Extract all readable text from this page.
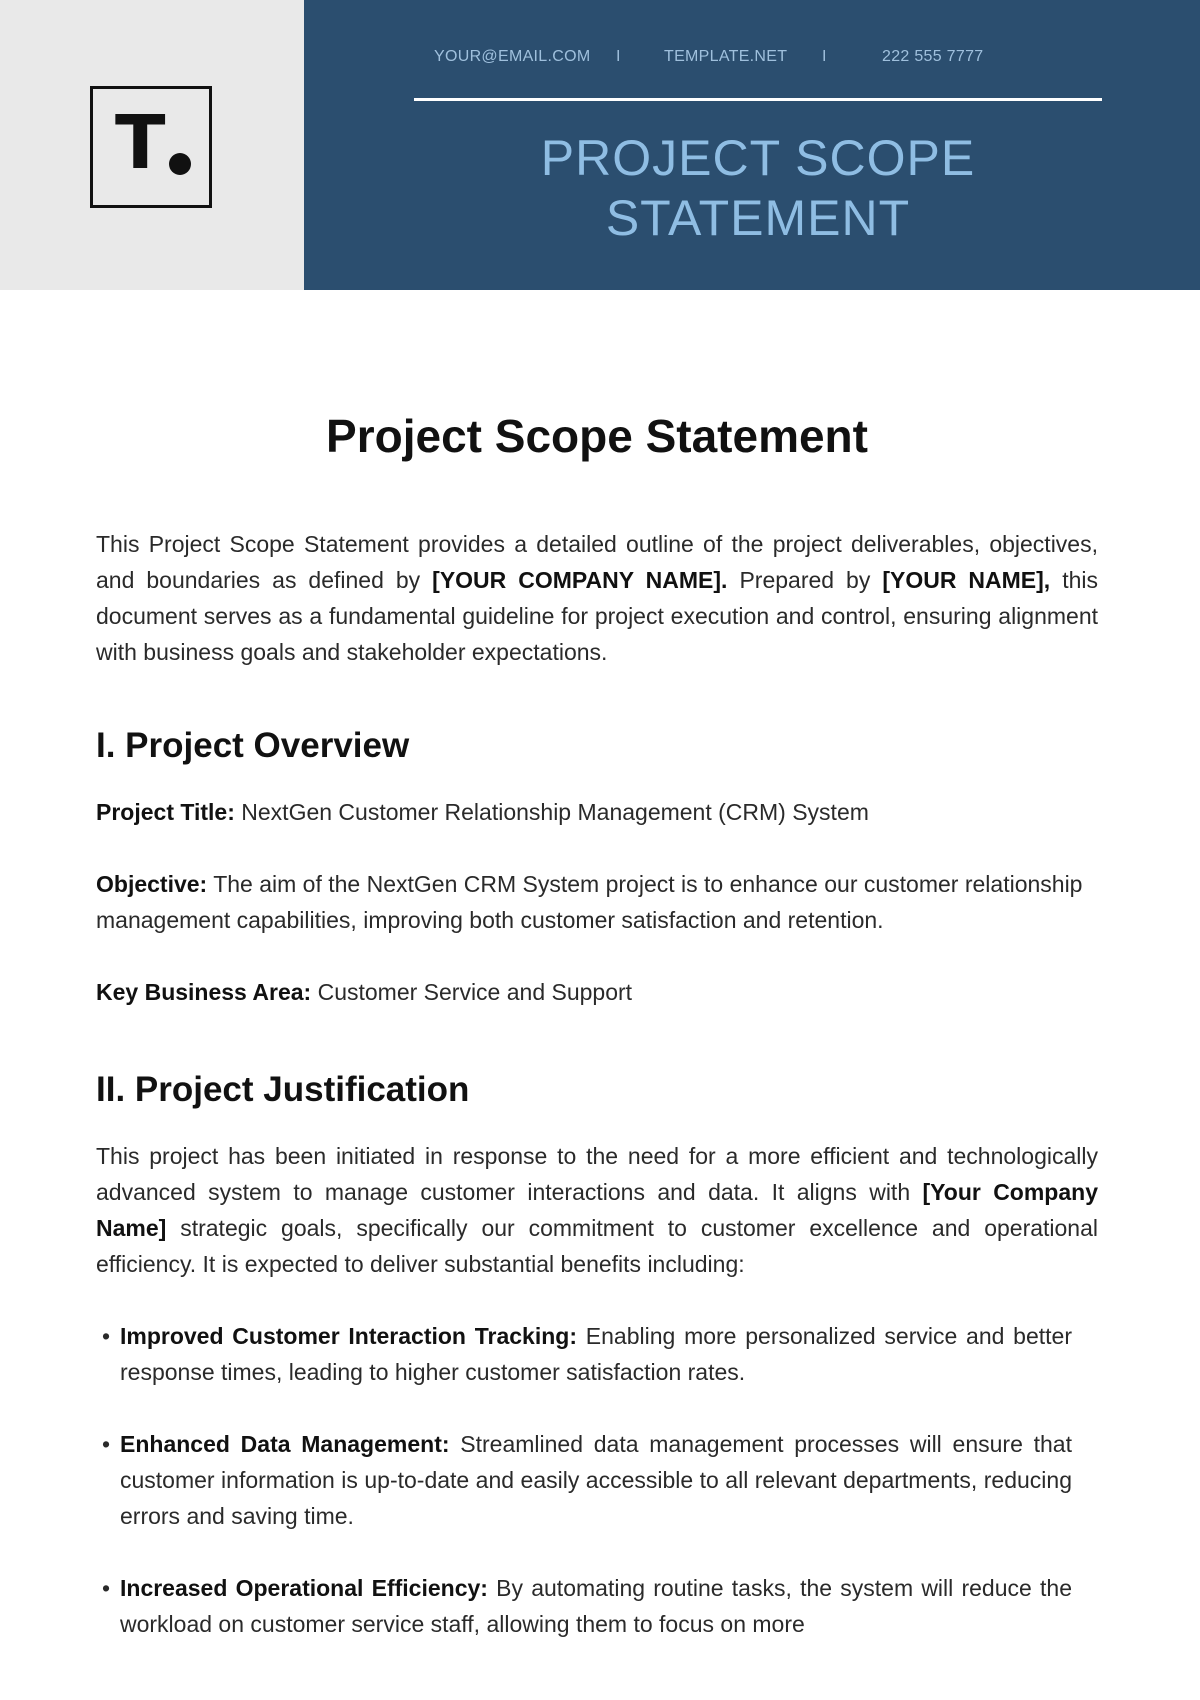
T
YOUR@EMAIL.COM I	TEMPLATE.NET I	222 555 7777
PROJECT SCOPE STATEMENT
Project Scope Statement

This Project Scope Statement provides a detailed outline of the project deliverables, objectives, and boundaries as defined by [YOUR COMPANY NAME]. Prepared by [YOUR NAME], this document serves as a fundamental guideline for project execution and control, ensuring alignment with business goals and stakeholder expectations.

I. Project Overview

Project Title: NextGen Customer Relationship Management (CRM) System

Objective: The aim of the NextGen CRM System project is to enhance our customer relationship management capabilities, improving both customer satisfaction and retention.

Key Business Area: Customer Service and Support

II. Project Justification

This project has been initiated in response to the need for a more efficient and technologically advanced system to manage customer interactions and data. It aligns with [Your Company Name] strategic goals, specifically our commitment to customer excellence and operational efficiency. It is expected to deliver substantial benefits including:

• Improved Customer Interaction Tracking: Enabling more personalized service and better response times, leading to higher customer satisfaction rates.
• Enhanced Data Management: Streamlined data management processes will ensure that customer information is up-to-date and easily accessible to all relevant departments, reducing errors and saving time.
• Increased Operational Efficiency: By automating routine tasks, the system will reduce the workload on customer service staff, allowing them to focus on more
